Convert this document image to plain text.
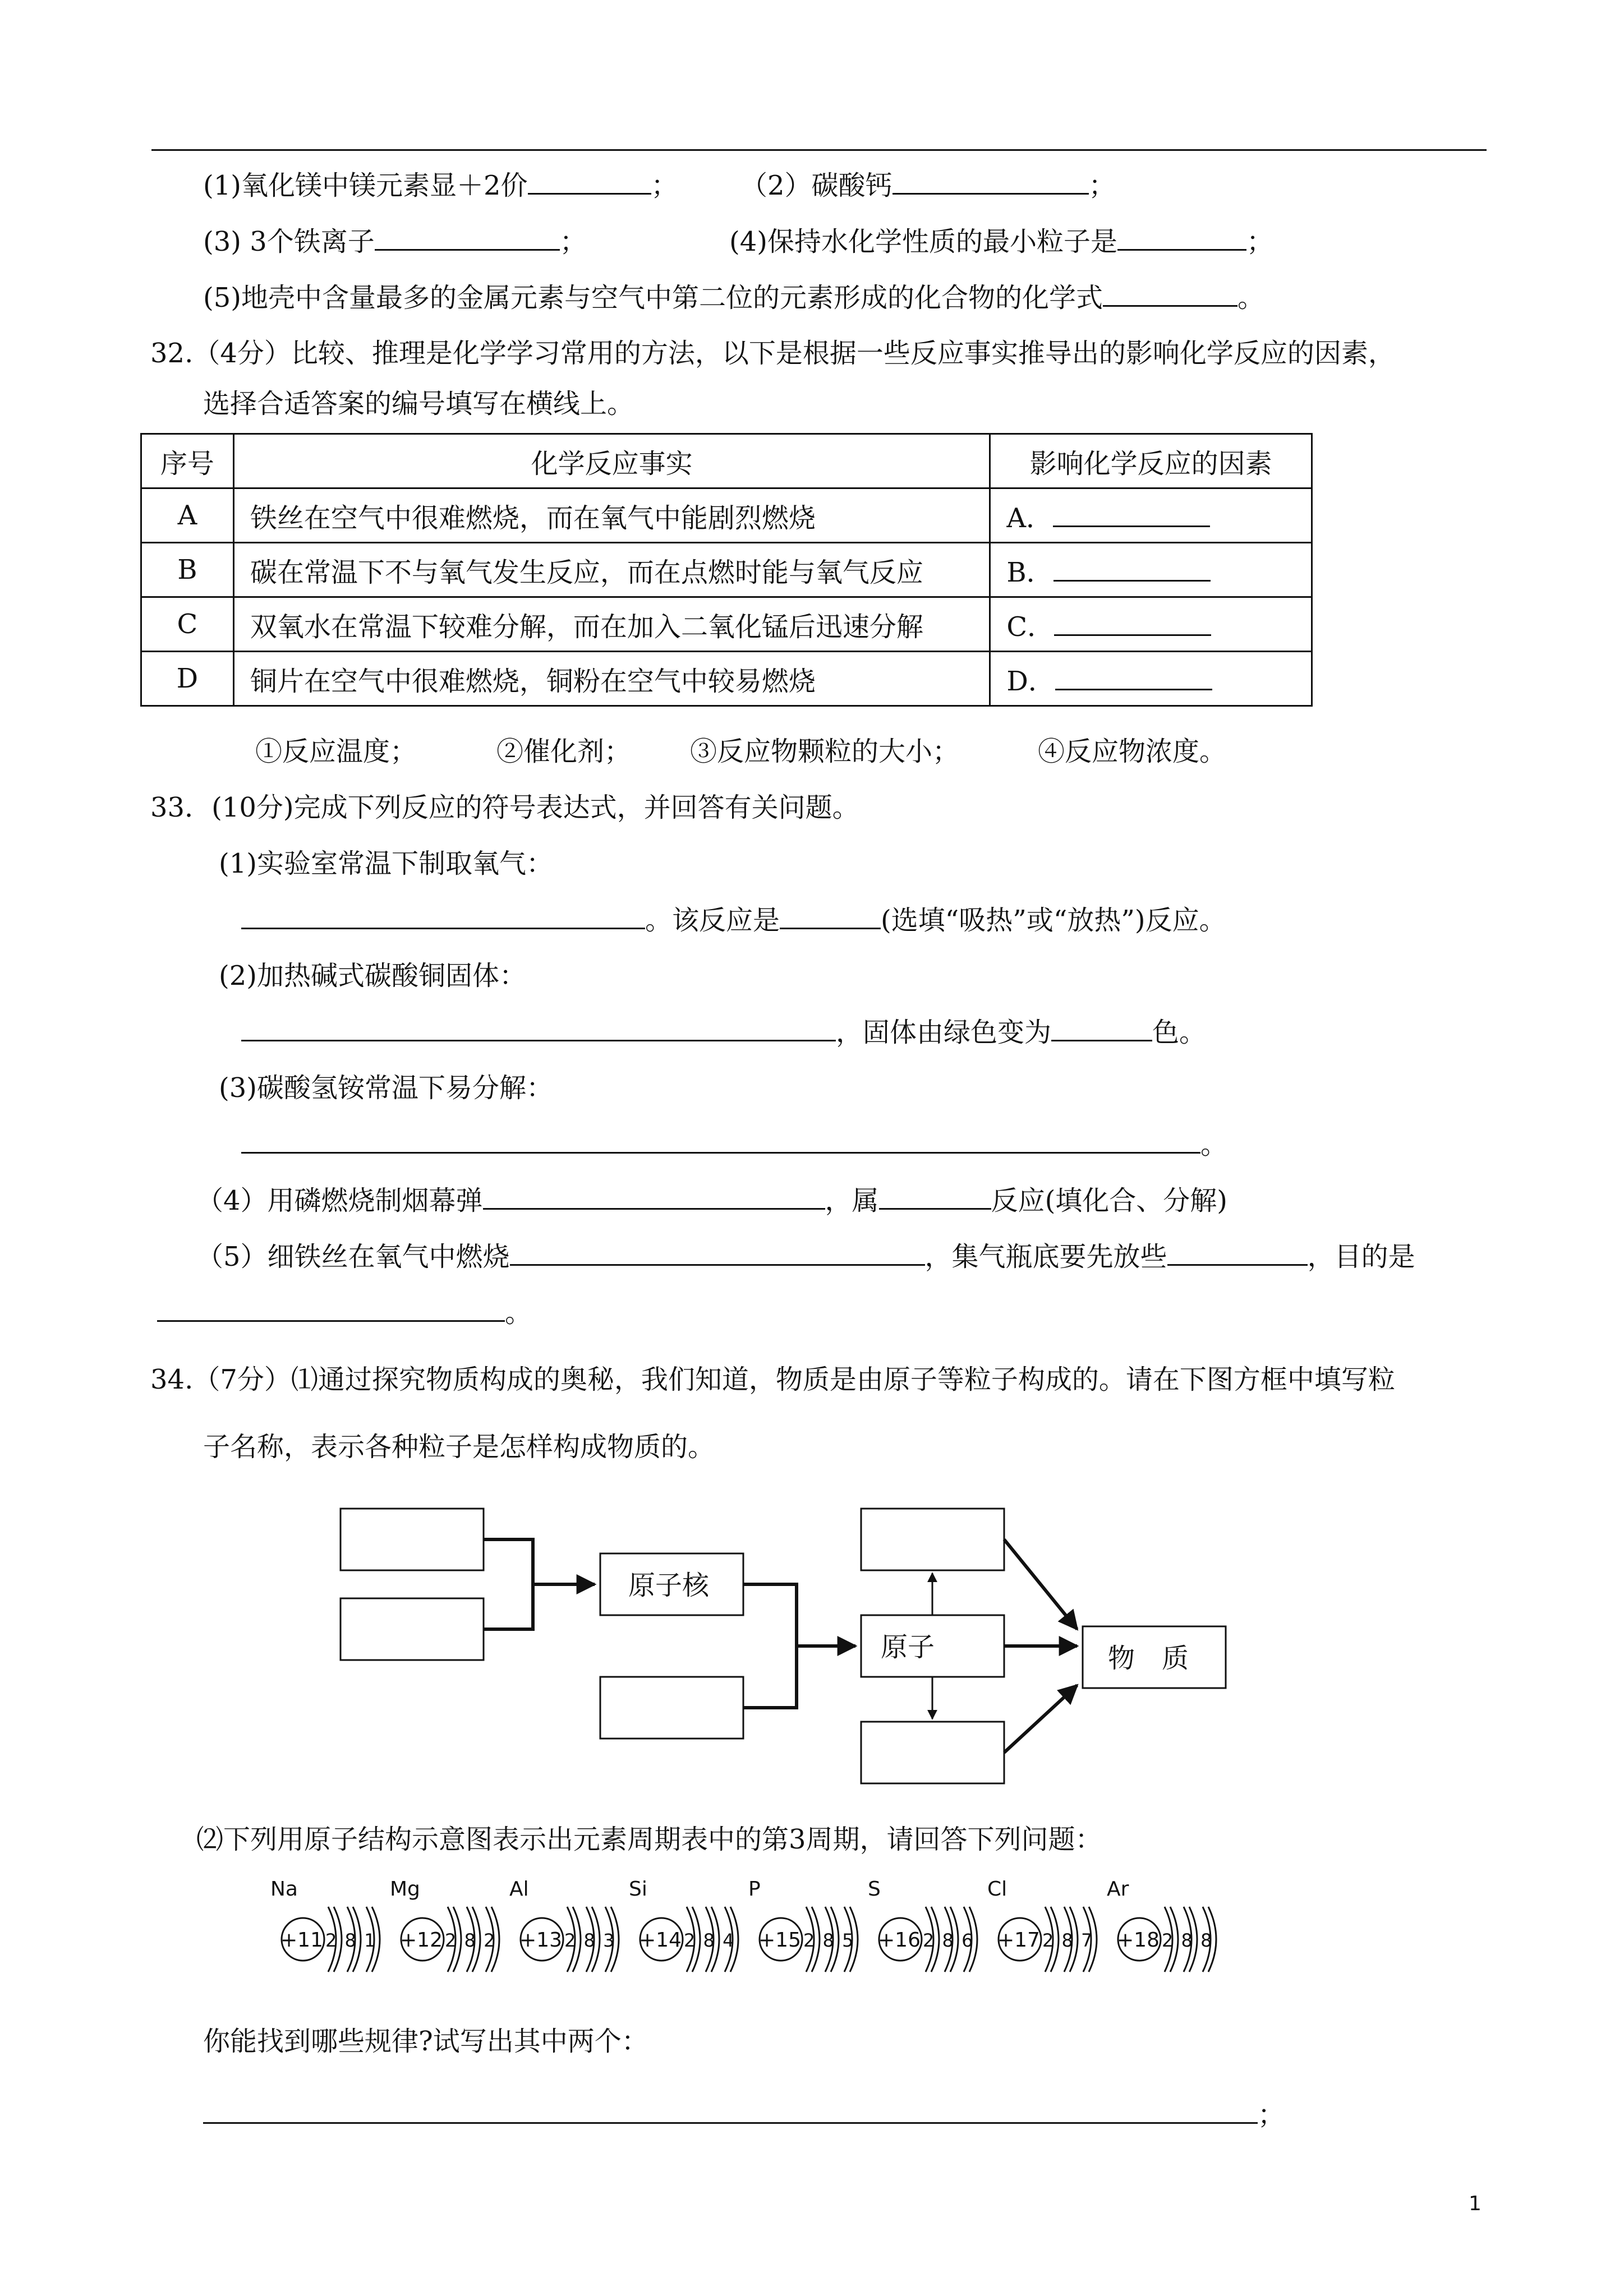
(1)氧化镁中镁元素显＋2价	； （2）碳酸钙	；
(3) 3个铁离子	；	(4)保持水化学性质的最小粒子是	；
(5)地壳中含量最多的金属元素与空气中第二位的元素形成的化合物的化学式	。
32.（4分）比较、推理是化学学习常用的方法，以下是根据一些反应事实推导出的影响化学反应的因素，
选择合适答案的编号填写在横线上。
序号	化学反应事实	影响化学反应的因素
A	铁丝在空气中很难燃烧，而在氧气中能剧烈燃烧	A．
B	碳在常温下不与氧气发生反应，而在点燃时能与氧气反应	B．
C	双氧水在常温下较难分解，而在加入二氧化锰后迅速分解	C．
D	铜片在空气中很难燃烧，铜粉在空气中较易燃烧	D．
①反应温度；	②催化剂； ③反应物颗粒的大小；	④反应物浓度。
33．(10分)完成下列反应的符号表达式，并回答有关问题。
(1)实验室常温下制取氧气：
。该反应是	(选填“吸热”或“放热”)反应。
(2)加热碱式碳酸铜固体：
，固体由绿色变为	色。
(3)碳酸氢铵常温下易分解：
。
（4）用磷燃烧制烟幕弹	，属	反应(填化合、分解)
（5）细铁丝在氧气中燃烧	，集气瓶底要先放些	，目的是
。
34.（7分）⑴通过探究物质构成的奥秘，我们知道，物质是由原子等粒子构成的。请在下图方框中填写粒
子名称，表示各种粒子是怎样构成物质的。
原子核
原子	物　质
⑵下列用原子结构示意图表示出元素周期表中的第3周期，请回答下列问题：
Na
+11 2 8 1
Mg
+12 2 8 2
Al
+13 2 8 3
Si
+14 2 8 4
P
+15 2 8 5
S
+16 2 8 6
Cl
+17 2 8 7
Ar
+18 2 8 8
你能找到哪些规律?试写出其中两个：
；
1
